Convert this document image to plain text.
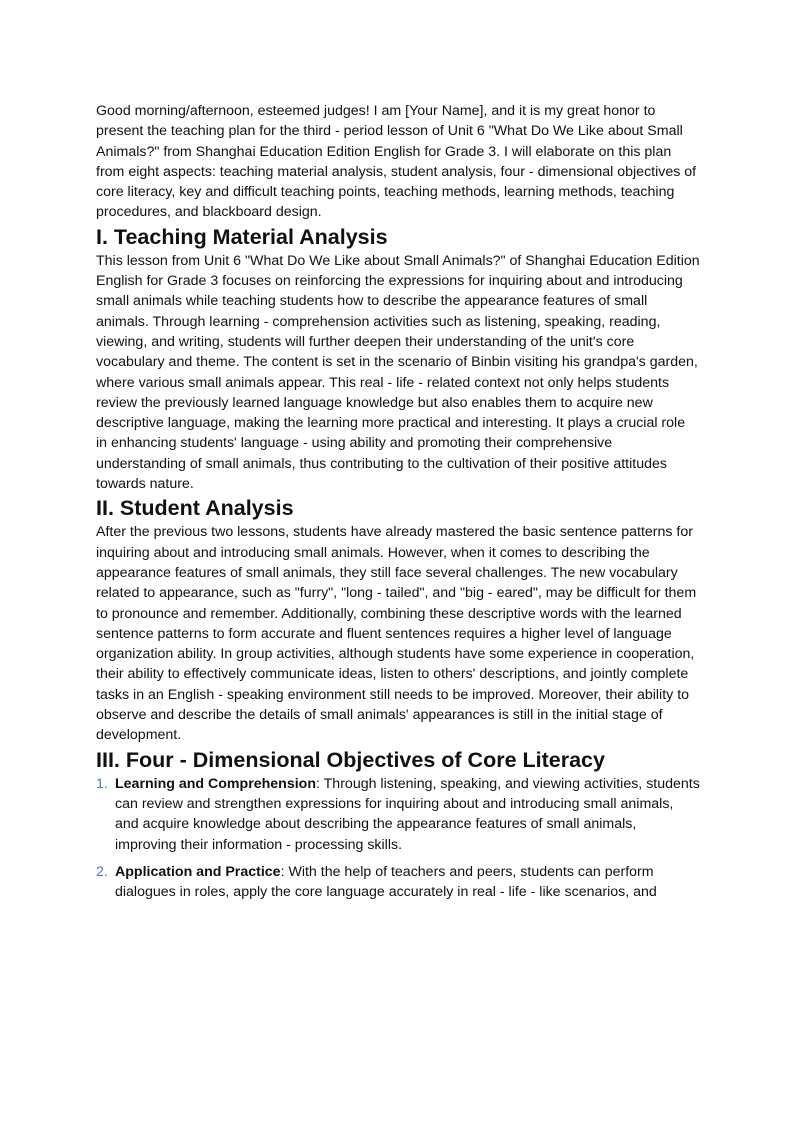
Good morning/afternoon, esteemed judges! I am [Your Name], and it is my great honor to present the teaching plan for the third - period lesson of Unit 6 "What Do We Like about Small Animals?" from Shanghai Education Edition English for Grade 3. I will elaborate on this plan from eight aspects: teaching material analysis, student analysis, four - dimensional objectives of core literacy, key and difficult teaching points, teaching methods, learning methods, teaching procedures, and blackboard design.

I. Teaching Material Analysis

This lesson from Unit 6 "What Do We Like about Small Animals?" of Shanghai Education Edition English for Grade 3 focuses on reinforcing the expressions for inquiring about and introducing small animals while teaching students how to describe the appearance features of small animals. Through learning - comprehension activities such as listening, speaking, reading, viewing, and writing, students will further deepen their understanding of the unit's core vocabulary and theme. The content is set in the scenario of Binbin visiting his grandpa's garden, where various small animals appear. This real - life - related context not only helps students review the previously learned language knowledge but also enables them to acquire new descriptive language, making the learning more practical and interesting. It plays a crucial role in enhancing students' language - using ability and promoting their comprehensive understanding of small animals, thus contributing to the cultivation of their positive attitudes towards nature.

II. Student Analysis

After the previous two lessons, students have already mastered the basic sentence patterns for inquiring about and introducing small animals. However, when it comes to describing the appearance features of small animals, they still face several challenges. The new vocabulary related to appearance, such as "furry", "long - tailed", and "big - eared", may be difficult for them to pronounce and remember. Additionally, combining these descriptive words with the learned sentence patterns to form accurate and fluent sentences requires a higher level of language organization ability. In group activities, although students have some experience in cooperation, their ability to effectively communicate ideas, listen to others' descriptions, and jointly complete tasks in an English - speaking environment still needs to be improved. Moreover, their ability to observe and describe the details of small animals' appearances is still in the initial stage of development.

III. Four - Dimensional Objectives of Core Literacy
1. Learning and Comprehension: Through listening, speaking, and viewing activities, students can review and strengthen expressions for inquiring about and introducing small animals, and acquire knowledge about describing the appearance features of small animals, improving their information - processing skills.
2. Application and Practice: With the help of teachers and peers, students can perform dialogues in roles, apply the core language accurately in real - life - like scenarios, and
